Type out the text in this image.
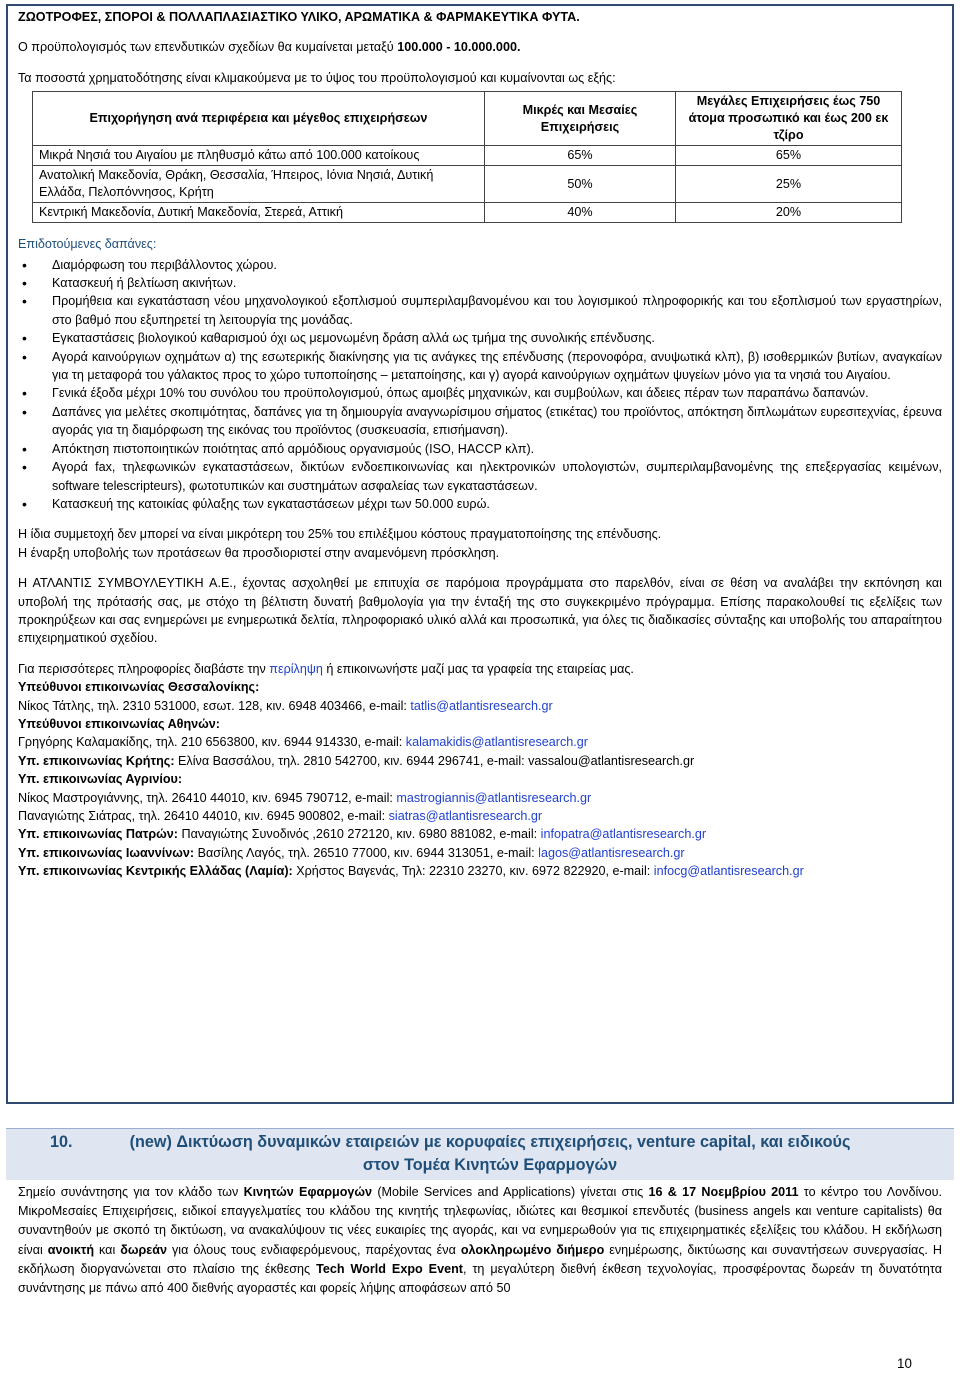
ΖΩΟΤΡΟΦΕΣ, ΣΠΟΡΟΙ & ΠΟΛΛΑΠΛΑΣΙΑΣΤΙΚΟ ΥΛΙΚΟ, ΑΡΩΜΑΤΙΚΑ & ΦΑΡΜΑΚΕΥΤΙΚΑ ΦΥΤΑ.

Ο προϋπολογισμός των επενδυτικών σχεδίων θα κυμαίνεται μεταξύ 100.000 - 10.000.000.

Τα ποσοστά χρηματοδότησης είναι κλιμακούμενα με το ύψος του προϋπολογισμού και κυμαίνονται ως εξής:

Επιχορήγηση ανά περιφέρεια και μέγεθος επιχειρήσεων	Μικρές και Μεσαίες Επιχειρήσεις	Μεγάλες Επιχειρήσεις έως 750 άτομα προσωπικό και έως 200 εκ τζίρο
Μικρά Νησιά του Αιγαίου με πληθυσμό κάτω από 100.000 κατοίκους	65%	65%
Ανατολική Μακεδονία, Θράκη, Θεσσαλία, Ήπειρος, Ιόνια Νησιά, Δυτική Ελλάδα, Πελοπόννησος, Κρήτη	50%	25%
Κεντρική Μακεδονία, Δυτική Μακεδονία, Στερεά, Αττική	40%	20%

Επιδοτούμενες δαπάνες:

• Διαμόρφωση του περιβάλλοντος χώρου.
• Κατασκευή ή βελτίωση ακινήτων.
• Προμήθεια και εγκατάσταση νέου μηχανολογικού εξοπλισμού συμπεριλαμβανομένου και του λογισμικού πληροφορικής και του εξοπλισμού των εργαστηρίων, στο βαθμό που εξυπηρετεί τη λειτουργία της μονάδας.
• Εγκαταστάσεις βιολογικού καθαρισμού όχι ως μεμονωμένη δράση αλλά ως τμήμα της συνολικής επένδυσης.
• Αγορά καινούργιων οχημάτων α) της εσωτερικής διακίνησης για τις ανάγκες της επένδυσης (περονοφόρα, ανυψωτικά κλπ), β) ισοθερμικών βυτίων, αναγκαίων για τη μεταφορά του γάλακτος προς το χώρο τυποποίησης – μεταποίησης, και γ) αγορά καινούργιων οχημάτων ψυγείων μόνο για τα νησιά του Αιγαίου.
• Γενικά έξοδα μέχρι 10% του συνόλου του προϋπολογισμού, όπως αμοιβές μηχανικών, και συμβούλων, και άδειες πέραν των παραπάνω δαπανών.
• Δαπάνες για μελέτες σκοπιμότητας, δαπάνες για τη δημιουργία αναγνωρίσιμου σήματος (ετικέτας) του προϊόντος, απόκτηση διπλωμάτων ευρεσιτεχνίας, έρευνα αγοράς για τη διαμόρφωση της εικόνας του προϊόντος (συσκευασία, επισήμανση).
• Απόκτηση πιστοποιητικών ποιότητας από αρμόδιους οργανισμούς (ISO, HACCP κλπ).
• Αγορά fax, τηλεφωνικών εγκαταστάσεων, δικτύων ενδοεπικοινωνίας και ηλεκτρονικών υπολογιστών, συμπεριλαμβανομένης της επεξεργασίας κειμένων, software telescripteurs), φωτοτυπικών και συστημάτων ασφαλείας των εγκαταστάσεων.
• Κατασκευή της κατοικίας φύλαξης των εγκαταστάσεων μέχρι των 50.000 ευρώ.

Η ίδια συμμετοχή δεν μπορεί να είναι μικρότερη του 25% του επιλέξιμου κόστους πραγματοποίησης της επένδυσης.

Η έναρξη υποβολής των προτάσεων θα προσδιοριστεί στην αναμενόμενη πρόσκληση.

Η ΑΤΛΑΝΤΙΣ ΣΥΜΒΟΥΛΕΥΤΙΚΗ Α.Ε., έχοντας ασχοληθεί με επιτυχία σε παρόμοια προγράμματα στο παρελθόν, είναι σε θέση να αναλάβει την εκπόνηση και υποβολή της πρότασής σας, με στόχο τη βέλτιστη δυνατή βαθμολογία για την ένταξή της στο συγκεκριμένο πρόγραμμα. Επίσης παρακολουθεί τις εξελίξεις των προκηρύξεων και σας ενημερώνει με ενημερωτικά δελτία, πληροφοριακό υλικό αλλά και προσωπικά, για όλες τις διαδικασίες σύνταξης και υποβολής του απαραίτητου επιχειρηματικού σχεδίου.

Για περισσότερες πληροφορίες διαβάστε την περίληψη ή επικοινωνήστε μαζί μας τα γραφεία της εταιρείας μας.

Υπεύθυνοι επικοινωνίας Θεσσαλονίκης:

Νίκος Τάτλης, τηλ. 2310 531000, εσωτ. 128, κιν. 6948 403466, e-mail: tatlis@atlantisresearch.gr

Υπεύθυνοι επικοινωνίας Αθηνών:

Γρηγόρης Καλαμακίδης, τηλ. 210 6563800, κιν. 6944 914330, e-mail: kalamakidis@atlantisresearch.gr

Υπ. επικοινωνίας Κρήτης: Ελίνα Βασσάλου, τηλ. 2810 542700, κιν. 6944 296741, e-mail: vassalou@atlantisresearch.gr

Υπ. επικοινωνίας Αγρινίου:

Νίκος Μαστρογιάννης, τηλ. 26410 44010, κιν. 6945 790712, e-mail: mastrogiannis@atlantisresearch.gr

Παναγιώτης Σιάτρας, τηλ. 26410 44010, κιν. 6945 900802, e-mail: siatras@atlantisresearch.gr

Υπ. επικοινωνίας Πατρών: Παναγιώτης Συνοδινός ,2610 272120, κιν. 6980 881082, e-mail: infopatra@atlantisresearch.gr

Υπ. επικοινωνίας Ιωαννίνων: Βασίλης Λαγός, τηλ. 26510 77000, κιν. 6944 313051, e-mail: lagos@atlantisresearch.gr

Υπ. επικοινωνίας Κεντρικής Ελλάδας (Λαμία): Χρήστος Βαγενάς, Τηλ: 22310 23270, κιν. 6972 822920, e-mail: infocg@atlantisresearch.gr

10.	(new) Δικτύωση δυναμικών εταιρειών με κορυφαίες επιχειρήσεις, venture capital, και ειδικούς
στον Τομέα Κινητών Εφαρμογών
Σημείο συνάντησης για τον κλάδο των Κινητών Εφαρμογών (Mobile Services and Applications) γίνεται στις 16 & 17 Νοεμβρίου 2011 το κέντρο του Λονδίνου. ΜικροΜεσαίες Επιχειρήσεις, ειδικοί επαγγελματίες του κλάδου της κινητής τηλεφωνίας, ιδιώτες και θεσμικοί επενδυτές (business angels και venture capitalists) θα συναντηθούν με σκοπό τη δικτύωση, να ανακαλύψουν τις νέες ευκαιρίες της αγοράς, και να ενημερωθούν για τις επιχειρηματικές εξελίξεις του κλάδου. Η εκδήλωση είναι ανοικτή και δωρεάν για όλους τους ενδιαφερόμενους, παρέχοντας ένα ολοκληρωμένο διήμερο ενημέρωσης, δικτύωσης και συναντήσεων συνεργασίας. Η εκδήλωση διοργανώνεται στο πλαίσιο της έκθεσης Tech World Expo Event, τη μεγαλύτερη διεθνή έκθεση τεχνολογίας, προσφέροντας δωρεάν τη δυνατότητα συνάντησης με πάνω από 400 διεθνής αγοραστές και φορείς λήψης αποφάσεων από 50
10
